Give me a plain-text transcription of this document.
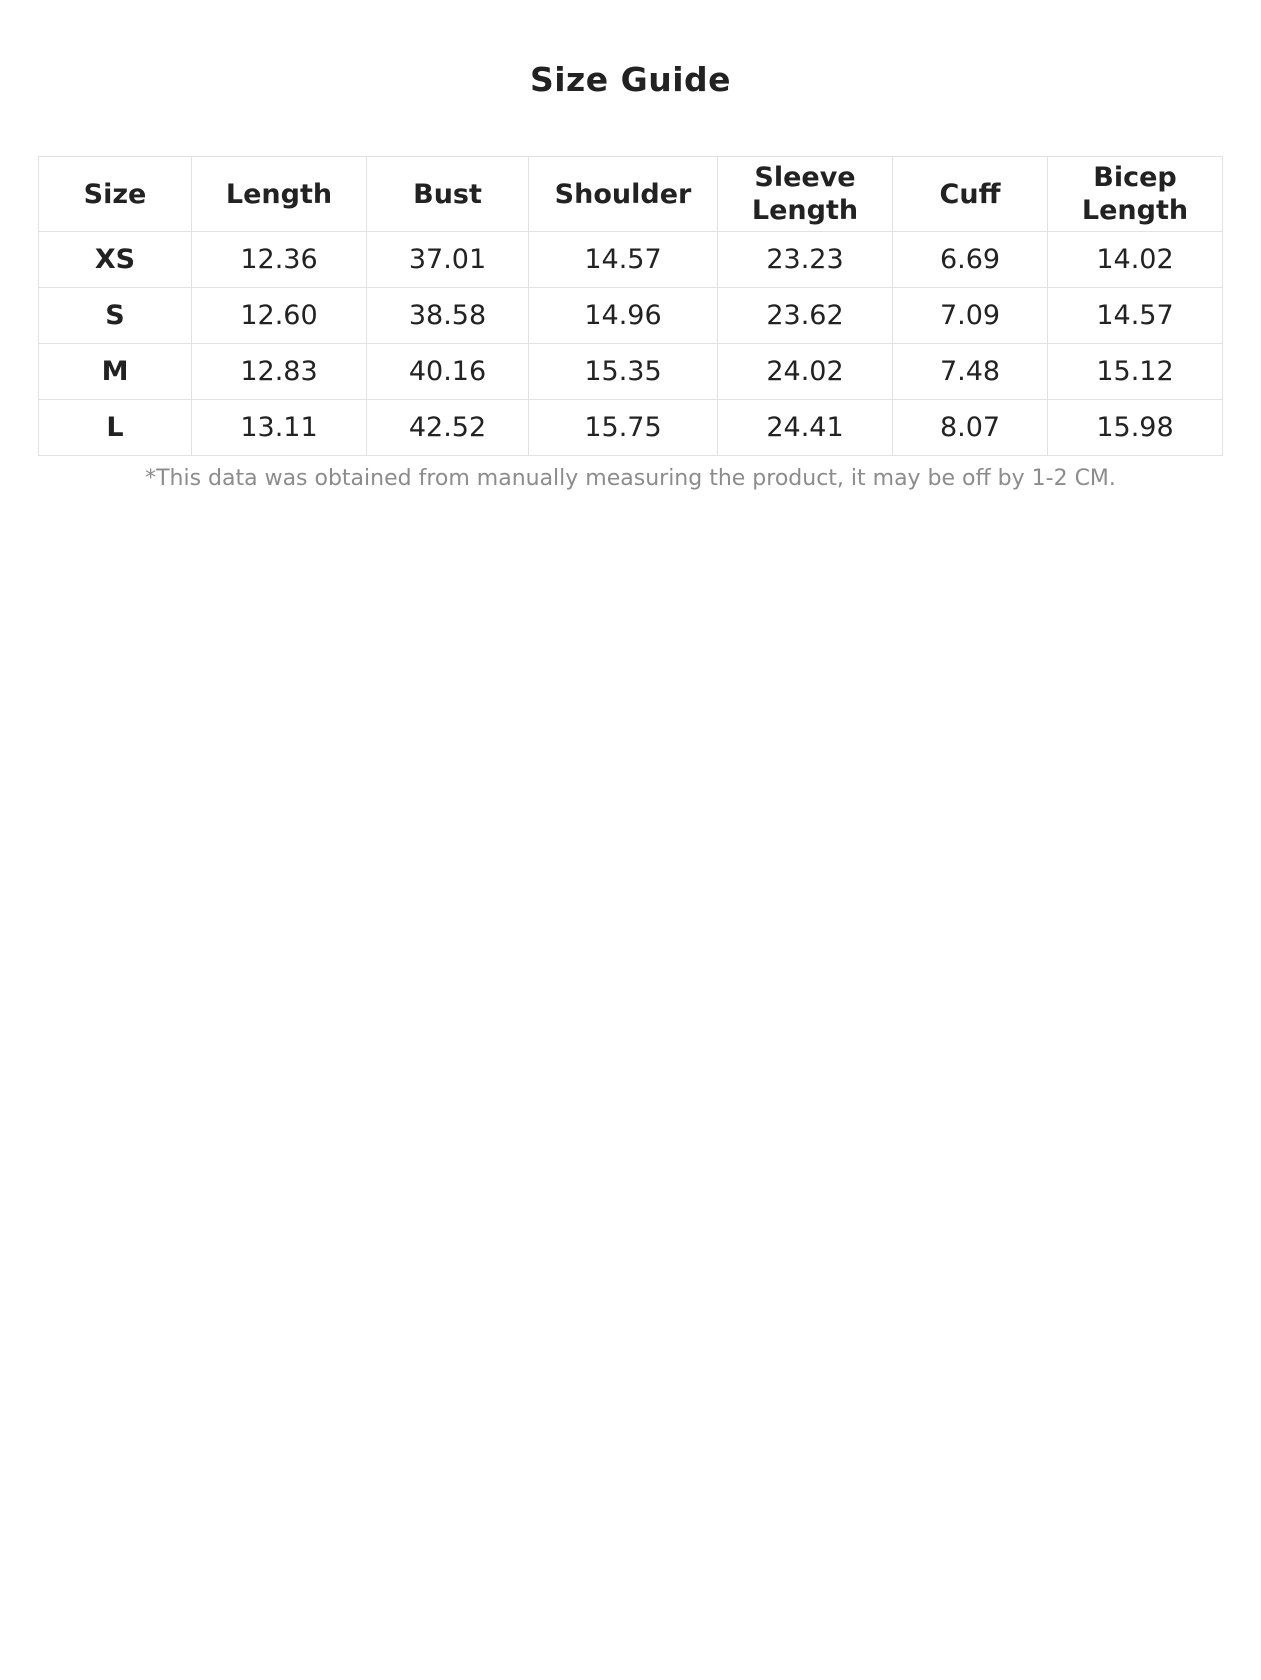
Size Guide
Size	Length	Bust	Shoulder	Sleeve Length	Cuff	Bicep Length
XS	12.36	37.01	14.57	23.23	6.69	14.02
S	12.60	38.58	14.96	23.62	7.09	14.57
M	12.83	40.16	15.35	24.02	7.48	15.12
L	13.11	42.52	15.75	24.41	8.07	15.98
*This data was obtained from manually measuring the product, it may be off by 1-2 CM.
